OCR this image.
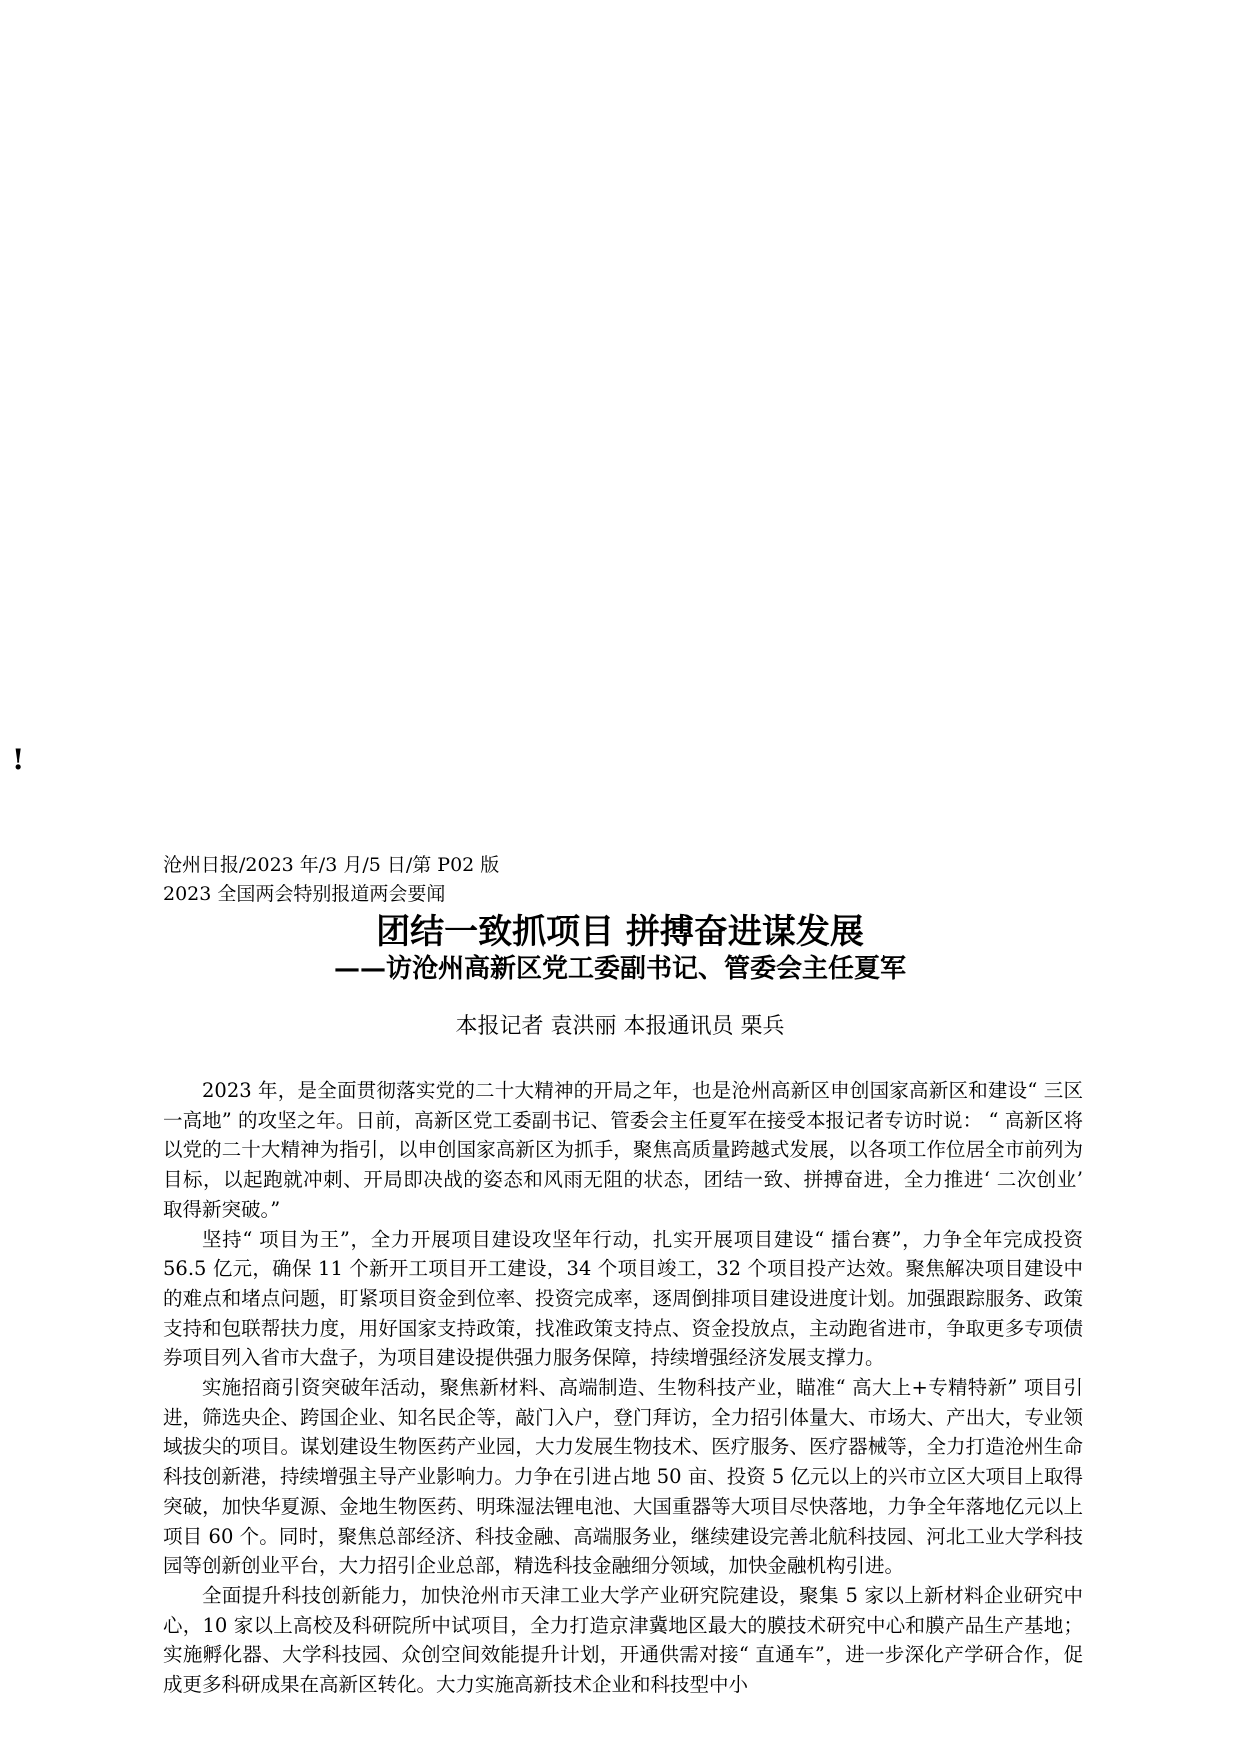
!
沧州日报/2023 年/3 月/5 日/第 P02 版 2023 全国两会特别报道两会要闻
团结一致抓项目 拼搏奋进谋发展
——访沧州高新区党工委副书记、管委会主任夏军
本报记者 袁洪丽 本报通讯员 栗兵

2023 年，是全面贯彻落实党的二十大精神的开局之年，也是沧州高新区申创国家高新区和建设“ 三区一高地” 的攻坚之年。日前，高新区党工委副书记、管委会主任夏军在接受本报记者专访时说： “ 高新区将以党的二十大精神为指引，以申创国家高新区为抓手，聚焦高质量跨越式发展，以各项工作位居全市前列为目标，以起跑就冲刺、开局即决战的姿态和风雨无阻的状态，团结一致、拼搏奋进，全力推进‘ 二次创业’ 取得新突破。”

坚持“ 项目为王”，全力开展项目建设攻坚年行动，扎实开展项目建设“ 擂台赛”，力争全年完成投资 56.5 亿元，确保 11 个新开工项目开工建设，34 个项目竣工，32 个项目投产达效。聚焦解决项目建设中的难点和堵点问题，盯紧项目资金到位率、投资完成率，逐周倒排项目建设进度计划。加强跟踪服务、政策支持和包联帮扶力度，用好国家支持政策，找准政策支持点、资金投放点，主动跑省进市，争取更多专项债券项目列入省市大盘子，为项目建设提供强力服务保障，持续增强经济发展支撑力。

实施招商引资突破年活动，聚焦新材料、高端制造、生物科技产业，瞄准“ 高大上+专精特新” 项目引进，筛选央企、跨国企业、知名民企等，敲门入户，登门拜访，全力招引体量大、市场大、产出大，专业领域拔尖的项目。谋划建设生物医药产业园，大力发展生物技术、医疗服务、医疗器械等，全力打造沧州生命科技创新港，持续增强主导产业影响力。力争在引进占地 50 亩、投资 5 亿元以上的兴市立区大项目上取得突破，加快华夏源、金地生物医药、明珠湿法锂电池、大国重器等大项目尽快落地，力争全年落地亿元以上项目 60 个。同时，聚焦总部经济、科技金融、高端服务业，继续建设完善北航科技园、河北工业大学科技园等创新创业平台，大力招引企业总部，精选科技金融细分领域，加快金融机构引进。

全面提升科技创新能力，加快沧州市天津工业大学产业研究院建设，聚集 5 家以上新材料企业研究中心，10 家以上高校及科研院所中试项目，全力打造京津冀地区最大的膜技术研究中心和膜产品生产基地；实施孵化器、大学科技园、众创空间效能提升计划，开通供需对接“ 直通车”，进一步深化产学研合作，促成更多科研成果在高新区转化。大力实施高新技术企业和科技型中小
